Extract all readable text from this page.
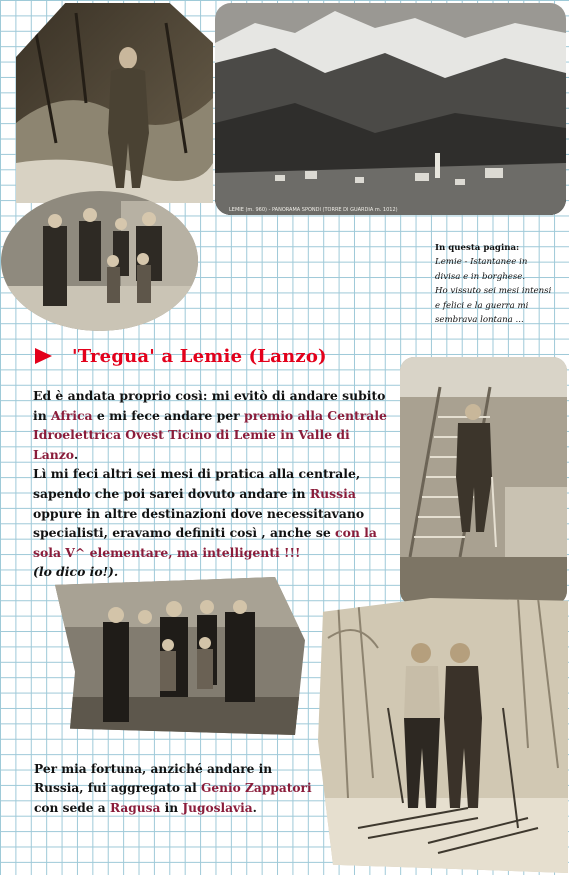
LEMIE (m. 960) - PANORAMA SPONDI (TORRE DI GUARDIA m. 1012)
In questa pagina:
Lemie - Istantanee in
divisa e in borghese.
Ho vissuto sei mesi intensi
e felici e la guerra mi
sembrava lontana ...
'Tregua' a Lemie (Lanzo)

Ed è andata proprio così: mi evitò di andare subito in Africa e mi fece andare per premio alla Centrale Idroelettrica Ovest Ticino di Lemie in Valle di Lanzo.

Lì mi feci altri sei mesi di pratica alla centrale, sapendo che poi sarei dovuto andare in Russia oppure in altre destinazioni dove necessitavano specialisti, eravamo definiti così , anche se con la sola V^ elementare, ma intelligenti !!!
(lo dico io!).

Per mia fortuna, anziché andare in Russia, fui aggregato al Genio Zappatori con sede a Ragusa in Jugoslavia.
